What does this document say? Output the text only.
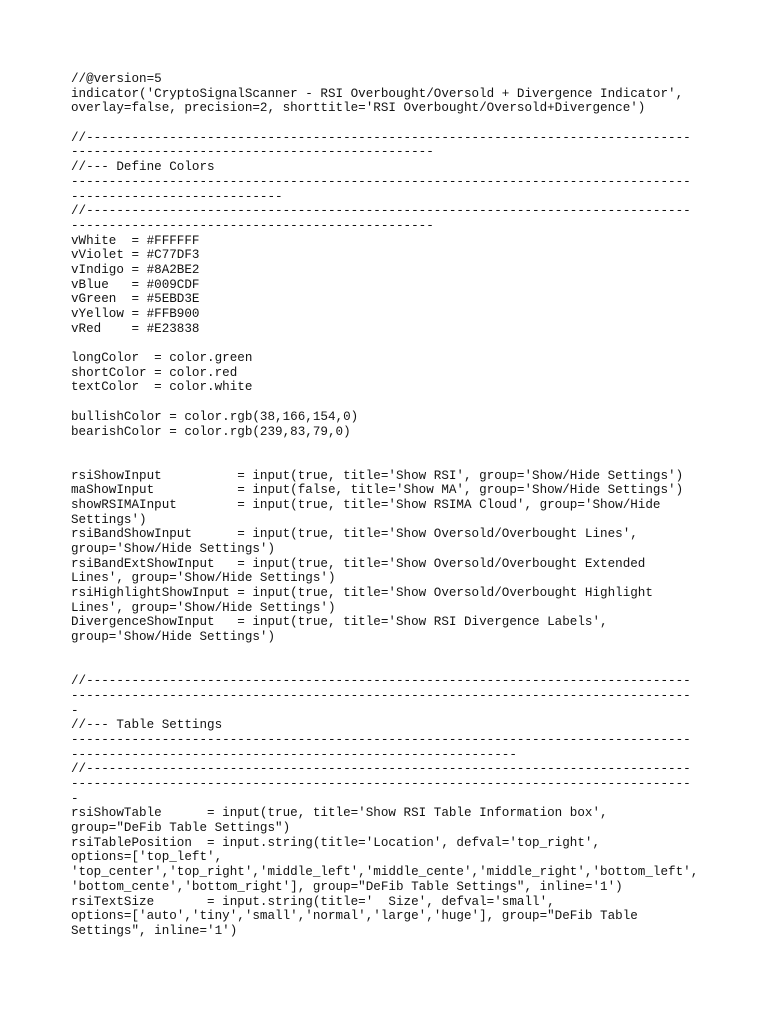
//@version=5
indicator('CryptoSignalScanner - RSI Overbought/Oversold + Divergence Indicator',
overlay=false, precision=2, shorttitle='RSI Overbought/Oversold+Divergence')
//--------------------------------------------------------------------------------
------------------------------------------------
//--- Define Colors
----------------------------------------------------------------------------------
----------------------------
//--------------------------------------------------------------------------------
------------------------------------------------
vWhite  = #FFFFFF
vViolet = #C77DF3
vIndigo = #8A2BE2
vBlue   = #009CDF
vGreen  = #5EBD3E
vYellow = #FFB900
vRed    = #E23838
longColor  = color.green
shortColor = color.red
textColor  = color.white
bullishColor = color.rgb(38,166,154,0)
bearishColor = color.rgb(239,83,79,0)
rsiShowInput          = input(true, title='Show RSI', group='Show/Hide Settings')
maShowInput           = input(false, title='Show MA', group='Show/Hide Settings')
showRSIMAInput        = input(true, title='Show RSIMA Cloud', group='Show/Hide
Settings')
rsiBandShowInput      = input(true, title='Show Oversold/Overbought Lines',
group='Show/Hide Settings')
rsiBandExtShowInput   = input(true, title='Show Oversold/Overbought Extended
Lines', group='Show/Hide Settings')
rsiHighlightShowInput = input(true, title='Show Oversold/Overbought Highlight
Lines', group='Show/Hide Settings')
DivergenceShowInput   = input(true, title='Show RSI Divergence Labels',
group='Show/Hide Settings')
//--------------------------------------------------------------------------------
----------------------------------------------------------------------------------
-
//--- Table Settings
----------------------------------------------------------------------------------
-----------------------------------------------------------
//--------------------------------------------------------------------------------
----------------------------------------------------------------------------------
-
rsiShowTable      = input(true, title='Show RSI Table Information box',
group="DeFib Table Settings")
rsiTablePosition  = input.string(title='Location', defval='top_right',
options=['top_left',
'top_center','top_right','middle_left','middle_cente','middle_right','bottom_left',
'bottom_cente','bottom_right'], group="DeFib Table Settings", inline='1')
rsiTextSize       = input.string(title='  Size', defval='small',
options=['auto','tiny','small','normal','large','huge'], group="DeFib Table
Settings", inline='1')
